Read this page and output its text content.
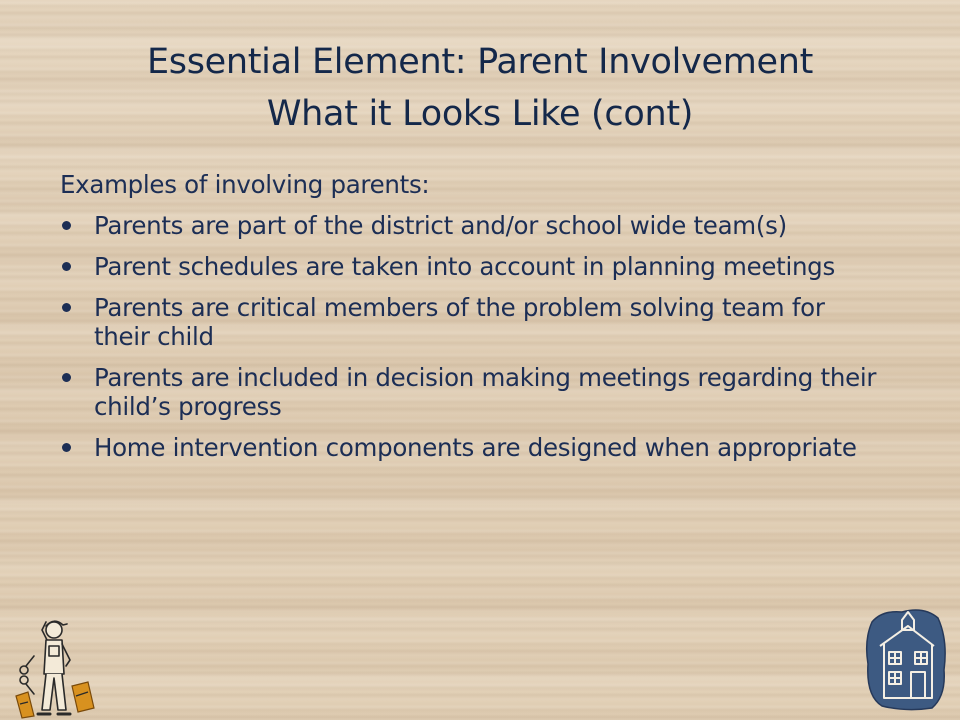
Essential Element: Parent Involvement
What it Looks Like (cont)
Examples of involving parents:
Parents are part of the district and/or school wide team(s)
Parent schedules are taken into account in planning meetings
Parents are critical members of the problem solving team for their child
Parents are included in decision making meetings regarding their child’s progress
Home intervention components are designed when appropriate
